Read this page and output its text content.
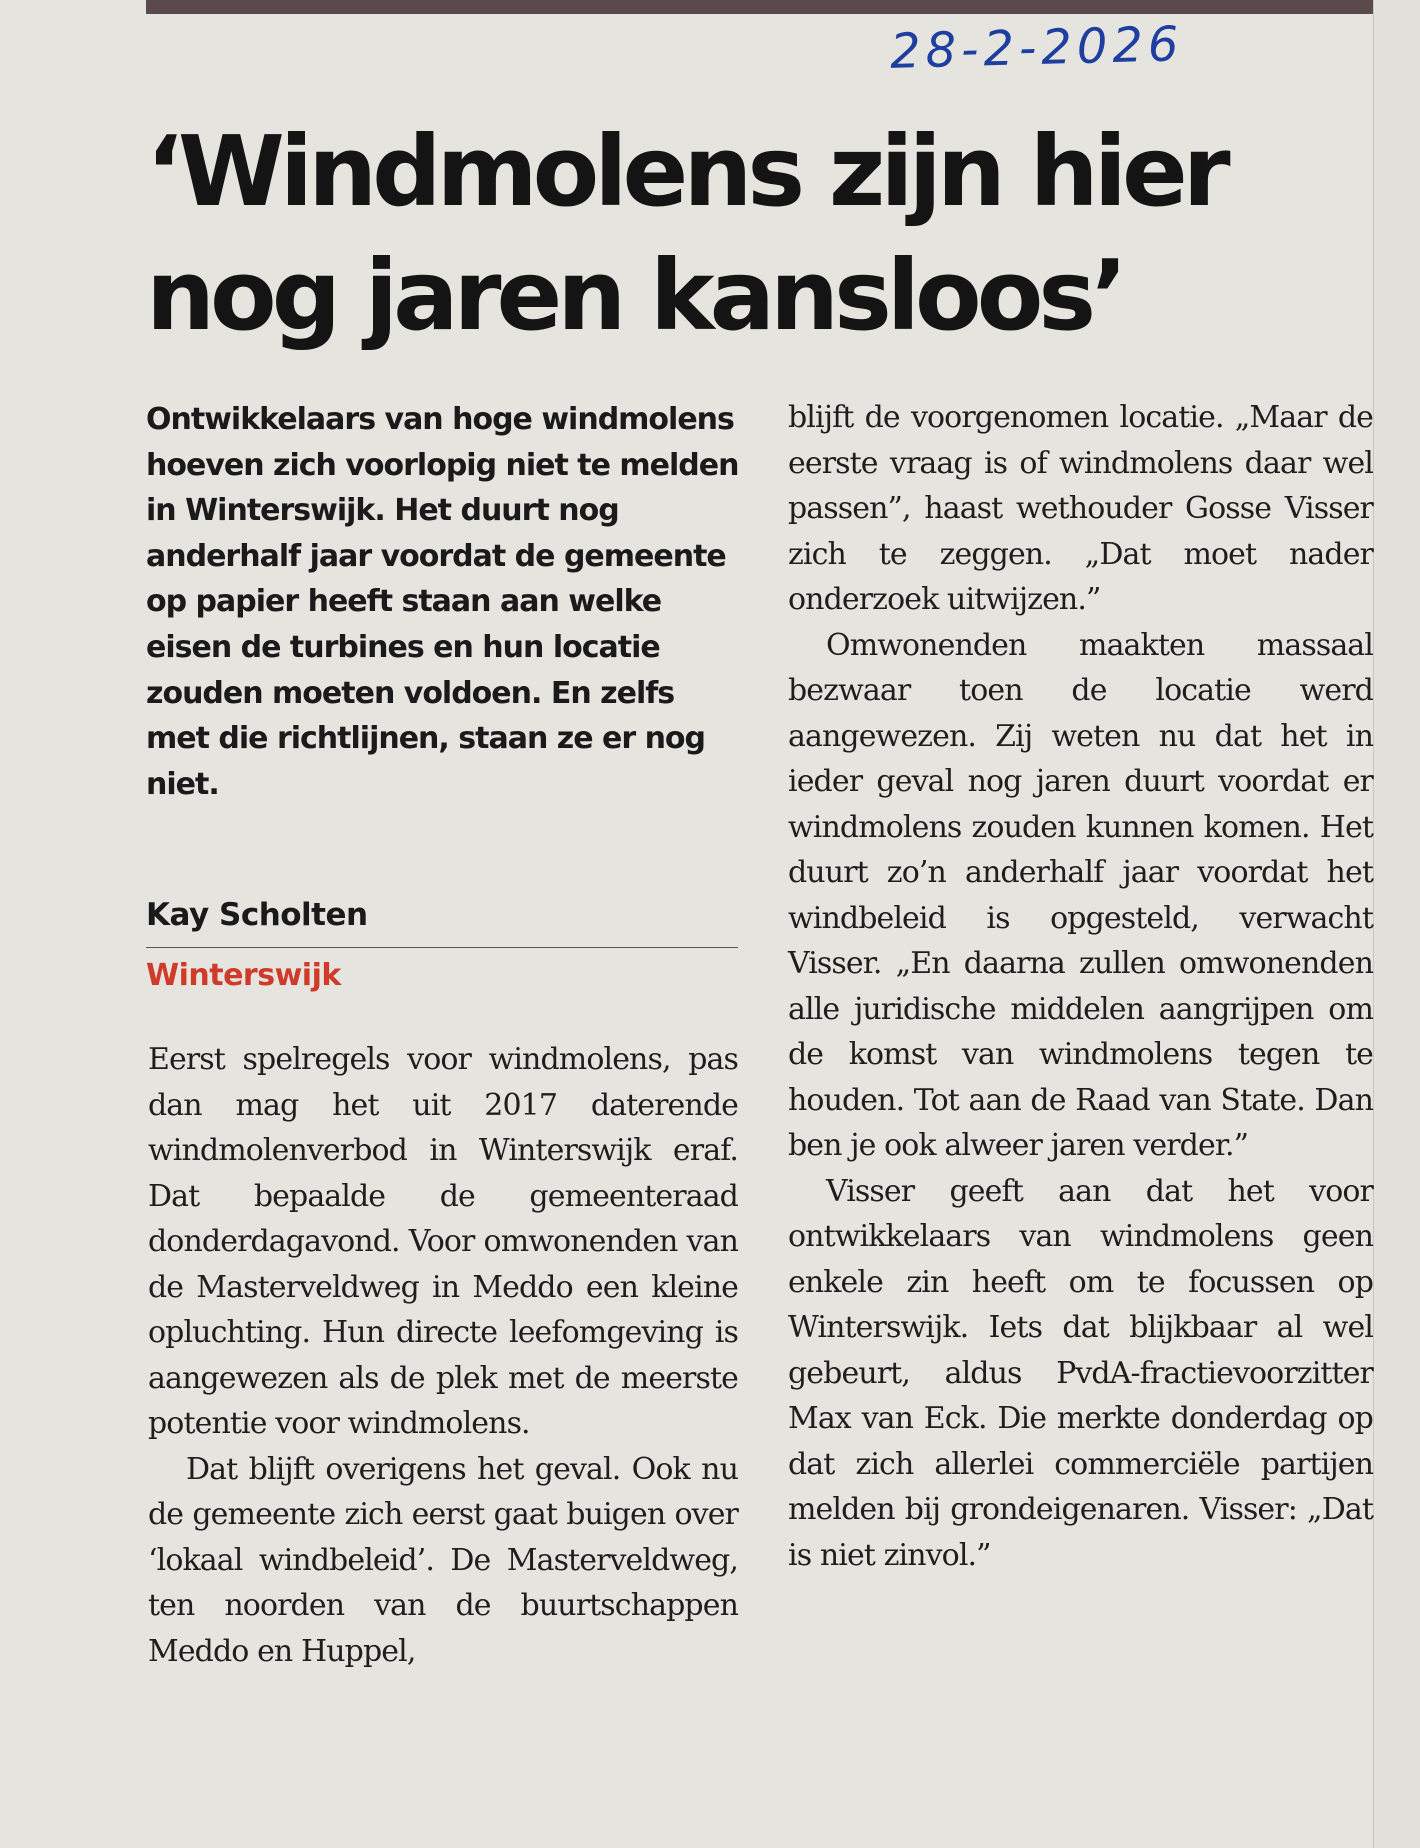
28-2-2026
‘Windmolens zijn hier
nog jaren kansloos’
Ontwikkelaars van hoge windmolens hoeven zich voorlopig niet te melden in Winterswijk. Het duurt nog anderhalf jaar voordat de gemeente op papier heeft staan aan welke eisen de turbines en hun locatie zouden moeten voldoen. En zelfs met die richtlijnen, staan ze er nog niet.
Kay Scholten
Winterswijk

Eerst spelregels voor windmolens, pas dan mag het uit 2017 daterende windmolenverbod in Winterswijk eraf. Dat bepaalde de gemeenteraad donderdagavond. Voor omwonenden van de Masterveldweg in Meddo een kleine opluchting. Hun directe leefomgeving is aangewezen als de plek met de meerste potentie voor windmolens.

Dat blijft overigens het geval. Ook nu de gemeente zich eerst gaat buigen over ‘lokaal windbeleid’. De Masterveldweg, ten noorden van de buurtschappen Meddo en Huppel,

blijft de voorgenomen locatie. „Maar de eerste vraag is of windmolens daar wel passen”, haast wethouder Gosse Visser zich te zeggen. „Dat moet nader onderzoek uitwijzen.”

Omwonenden maakten massaal bezwaar toen de locatie werd aangewezen. Zij weten nu dat het in ieder geval nog jaren duurt voordat er windmolens zouden kunnen komen. Het duurt zo’n anderhalf jaar voordat het windbeleid is opgesteld, verwacht Visser. „En daarna zullen omwonenden alle juridische middelen aangrijpen om de komst van windmolens tegen te houden. Tot aan de Raad van State. Dan ben je ook alweer jaren verder.”

Visser geeft aan dat het voor ontwikkelaars van windmolens geen enkele zin heeft om te focussen op Winterswijk. Iets dat blijkbaar al wel gebeurt, aldus PvdA-fractievoorzitter Max van Eck. Die merkte donderdag op dat zich allerlei commerciële partijen melden bij grondeigenaren. Visser: „Dat is niet zinvol.”
